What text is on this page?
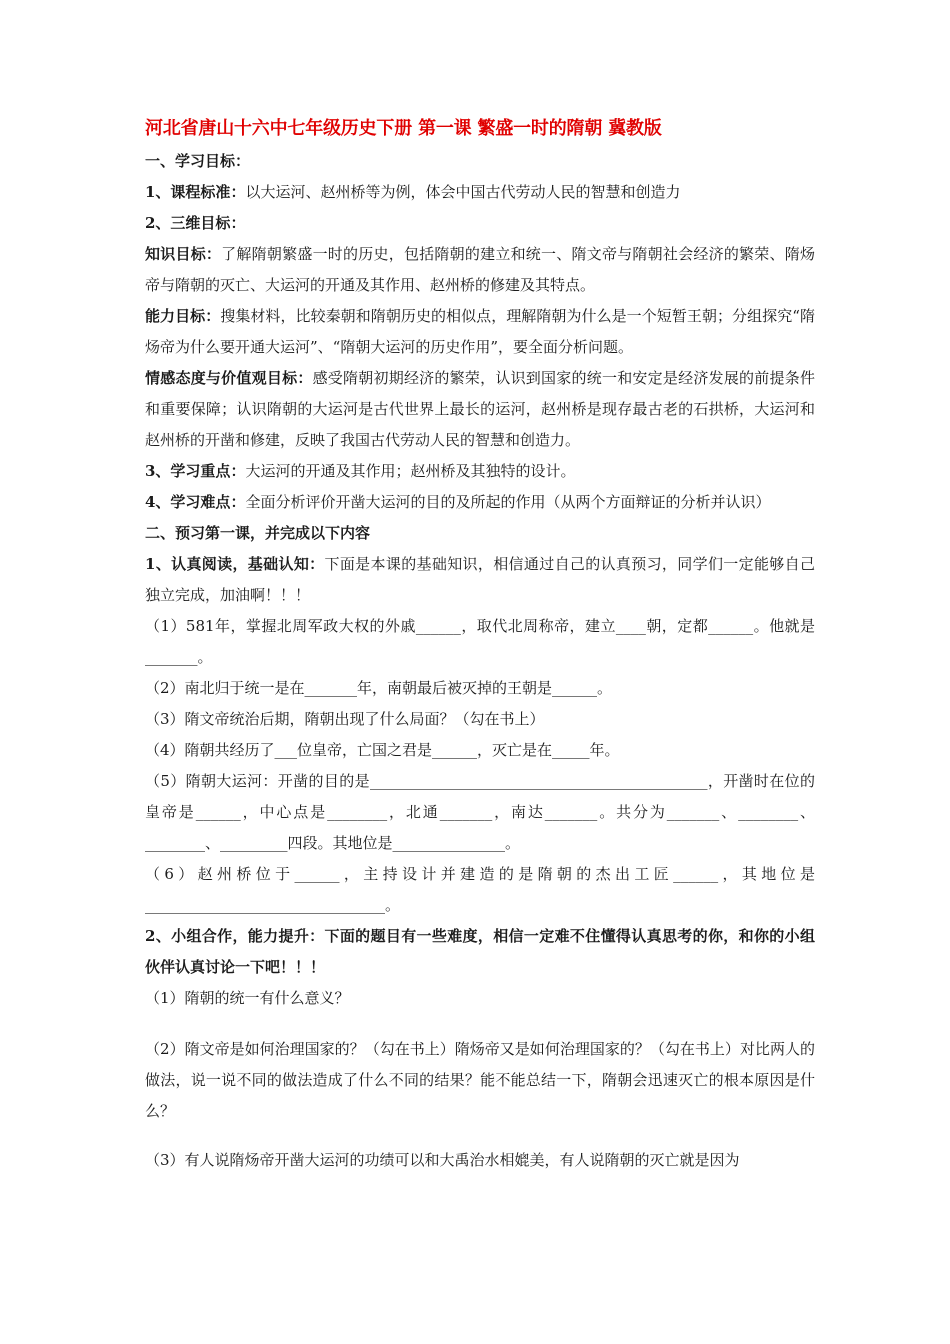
河北省唐山十六中七年级历史下册 第一课 繁盛一时的隋朝 冀教版

一、学习目标：

1、课程标准：以大运河、赵州桥等为例，体会中国古代劳动人民的智慧和创造力

2、三维目标：

知识目标：了解隋朝繁盛一时的历史，包括隋朝的建立和统一、隋文帝与隋朝社会经济的繁荣、隋炀帝与隋朝的灭亡、大运河的开通及其作用、赵州桥的修建及其特点。

能力目标：搜集材料，比较秦朝和隋朝历史的相似点，理解隋朝为什么是一个短暂王朝；分组探究“隋炀帝为什么要开通大运河”、“隋朝大运河的历史作用”，要全面分析问题。

情感态度与价值观目标：感受隋朝初期经济的繁荣，认识到国家的统一和安定是经济发展的前提条件和重要保障；认识隋朝的大运河是古代世界上最长的运河，赵州桥是现存最古老的石拱桥，大运河和赵州桥的开凿和修建，反映了我国古代劳动人民的智慧和创造力。

3、学习重点：大运河的开通及其作用；赵州桥及其独特的设计。

4、学习难点：全面分析评价开凿大运河的目的及所起的作用（从两个方面辩证的分析并认识）

二、预习第一课，并完成以下内容

1、认真阅读，基础认知：下面是本课的基础知识，相信通过自己的认真预习，同学们一定能够自己独立完成，加油啊！！！

（1）581年，掌握北周军政大权的外戚______，取代北周称帝，建立____朝，定都______。他就是_______。

（2）南北归于统一是在_______年，南朝最后被灭掉的王朝是______。

（3）隋文帝统治后期，隋朝出现了什么局面？（勾在书上）

（4）隋朝共经历了___位皇帝，亡国之君是______，灭亡是在_____年。

（5）隋朝大运河：开凿的目的是_____________________________________________，开凿时在位的皇帝是______，中心点是________，北通_______，南达_______。共分为_______、________、________、_________四段。其地位是_______________。

（6）赵州桥位于______，主持设计并建造的是隋朝的杰出工匠______，其地位是________________________________。

2、小组合作，能力提升：下面的题目有一些难度，相信一定难不住懂得认真思考的你，和你的小组伙伴认真讨论一下吧！！！

（1）隋朝的统一有什么意义？

（2）隋文帝是如何治理国家的？（勾在书上）隋炀帝又是如何治理国家的？（勾在书上）对比两人的做法，说一说不同的做法造成了什么不同的结果？能不能总结一下，隋朝会迅速灭亡的根本原因是什么？

（3）有人说隋炀帝开凿大运河的功绩可以和大禹治水相媲美，有人说隋朝的灭亡就是因为
